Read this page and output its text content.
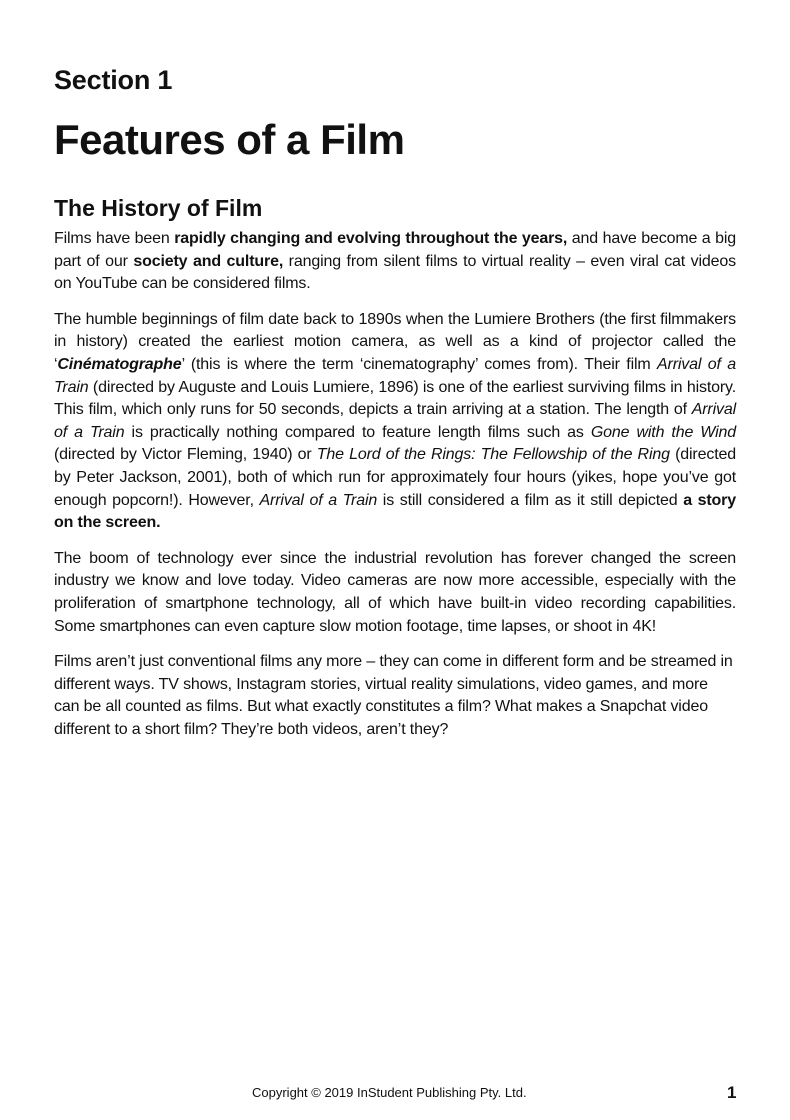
Section 1
Features of a Film
The History of Film

Films have been rapidly changing and evolving throughout the years, and have become a big part of our society and culture, ranging from silent films to virtual reality – even viral cat videos on YouTube can be considered films.

The humble beginnings of film date back to 1890s when the Lumiere Brothers (the first filmmakers in history) created the earliest motion camera, as well as a kind of projector called the ‘Cinématographe’ (this is where the term ‘cinematography’ comes from). Their film Arrival of a Train (directed by Auguste and Louis Lumiere, 1896) is one of the earliest surviving films in history. This film, which only runs for 50 seconds, depicts a train arriving at a station. The length of Arrival of a Train is practically nothing compared to feature length films such as Gone with the Wind (directed by Victor Fleming, 1940) or The Lord of the Rings: The Fellowship of the Ring (directed by Peter Jackson, 2001), both of which run for approximately four hours (yikes, hope you’ve got enough popcorn!). However, Arrival of a Train is still considered a film as it still depicted a story on the screen.

The boom of technology ever since the industrial revolution has forever changed the screen industry we know and love today. Video cameras are now more accessible, especially with the proliferation of smartphone technology, all of which have built-in video recording capabilities. Some smartphones can even capture slow motion footage, time lapses, or shoot in 4K!

Films aren’t just conventional films any more – they can come in different form and be streamed in different ways. TV shows, Instagram stories, virtual reality simulations, video games, and more can be all counted as films. But what exactly constitutes a film? What makes a Snapchat video different to a short film? They’re both videos, aren’t they?

Copyright © 2019 InStudent Publishing Pty. Ltd.	1
